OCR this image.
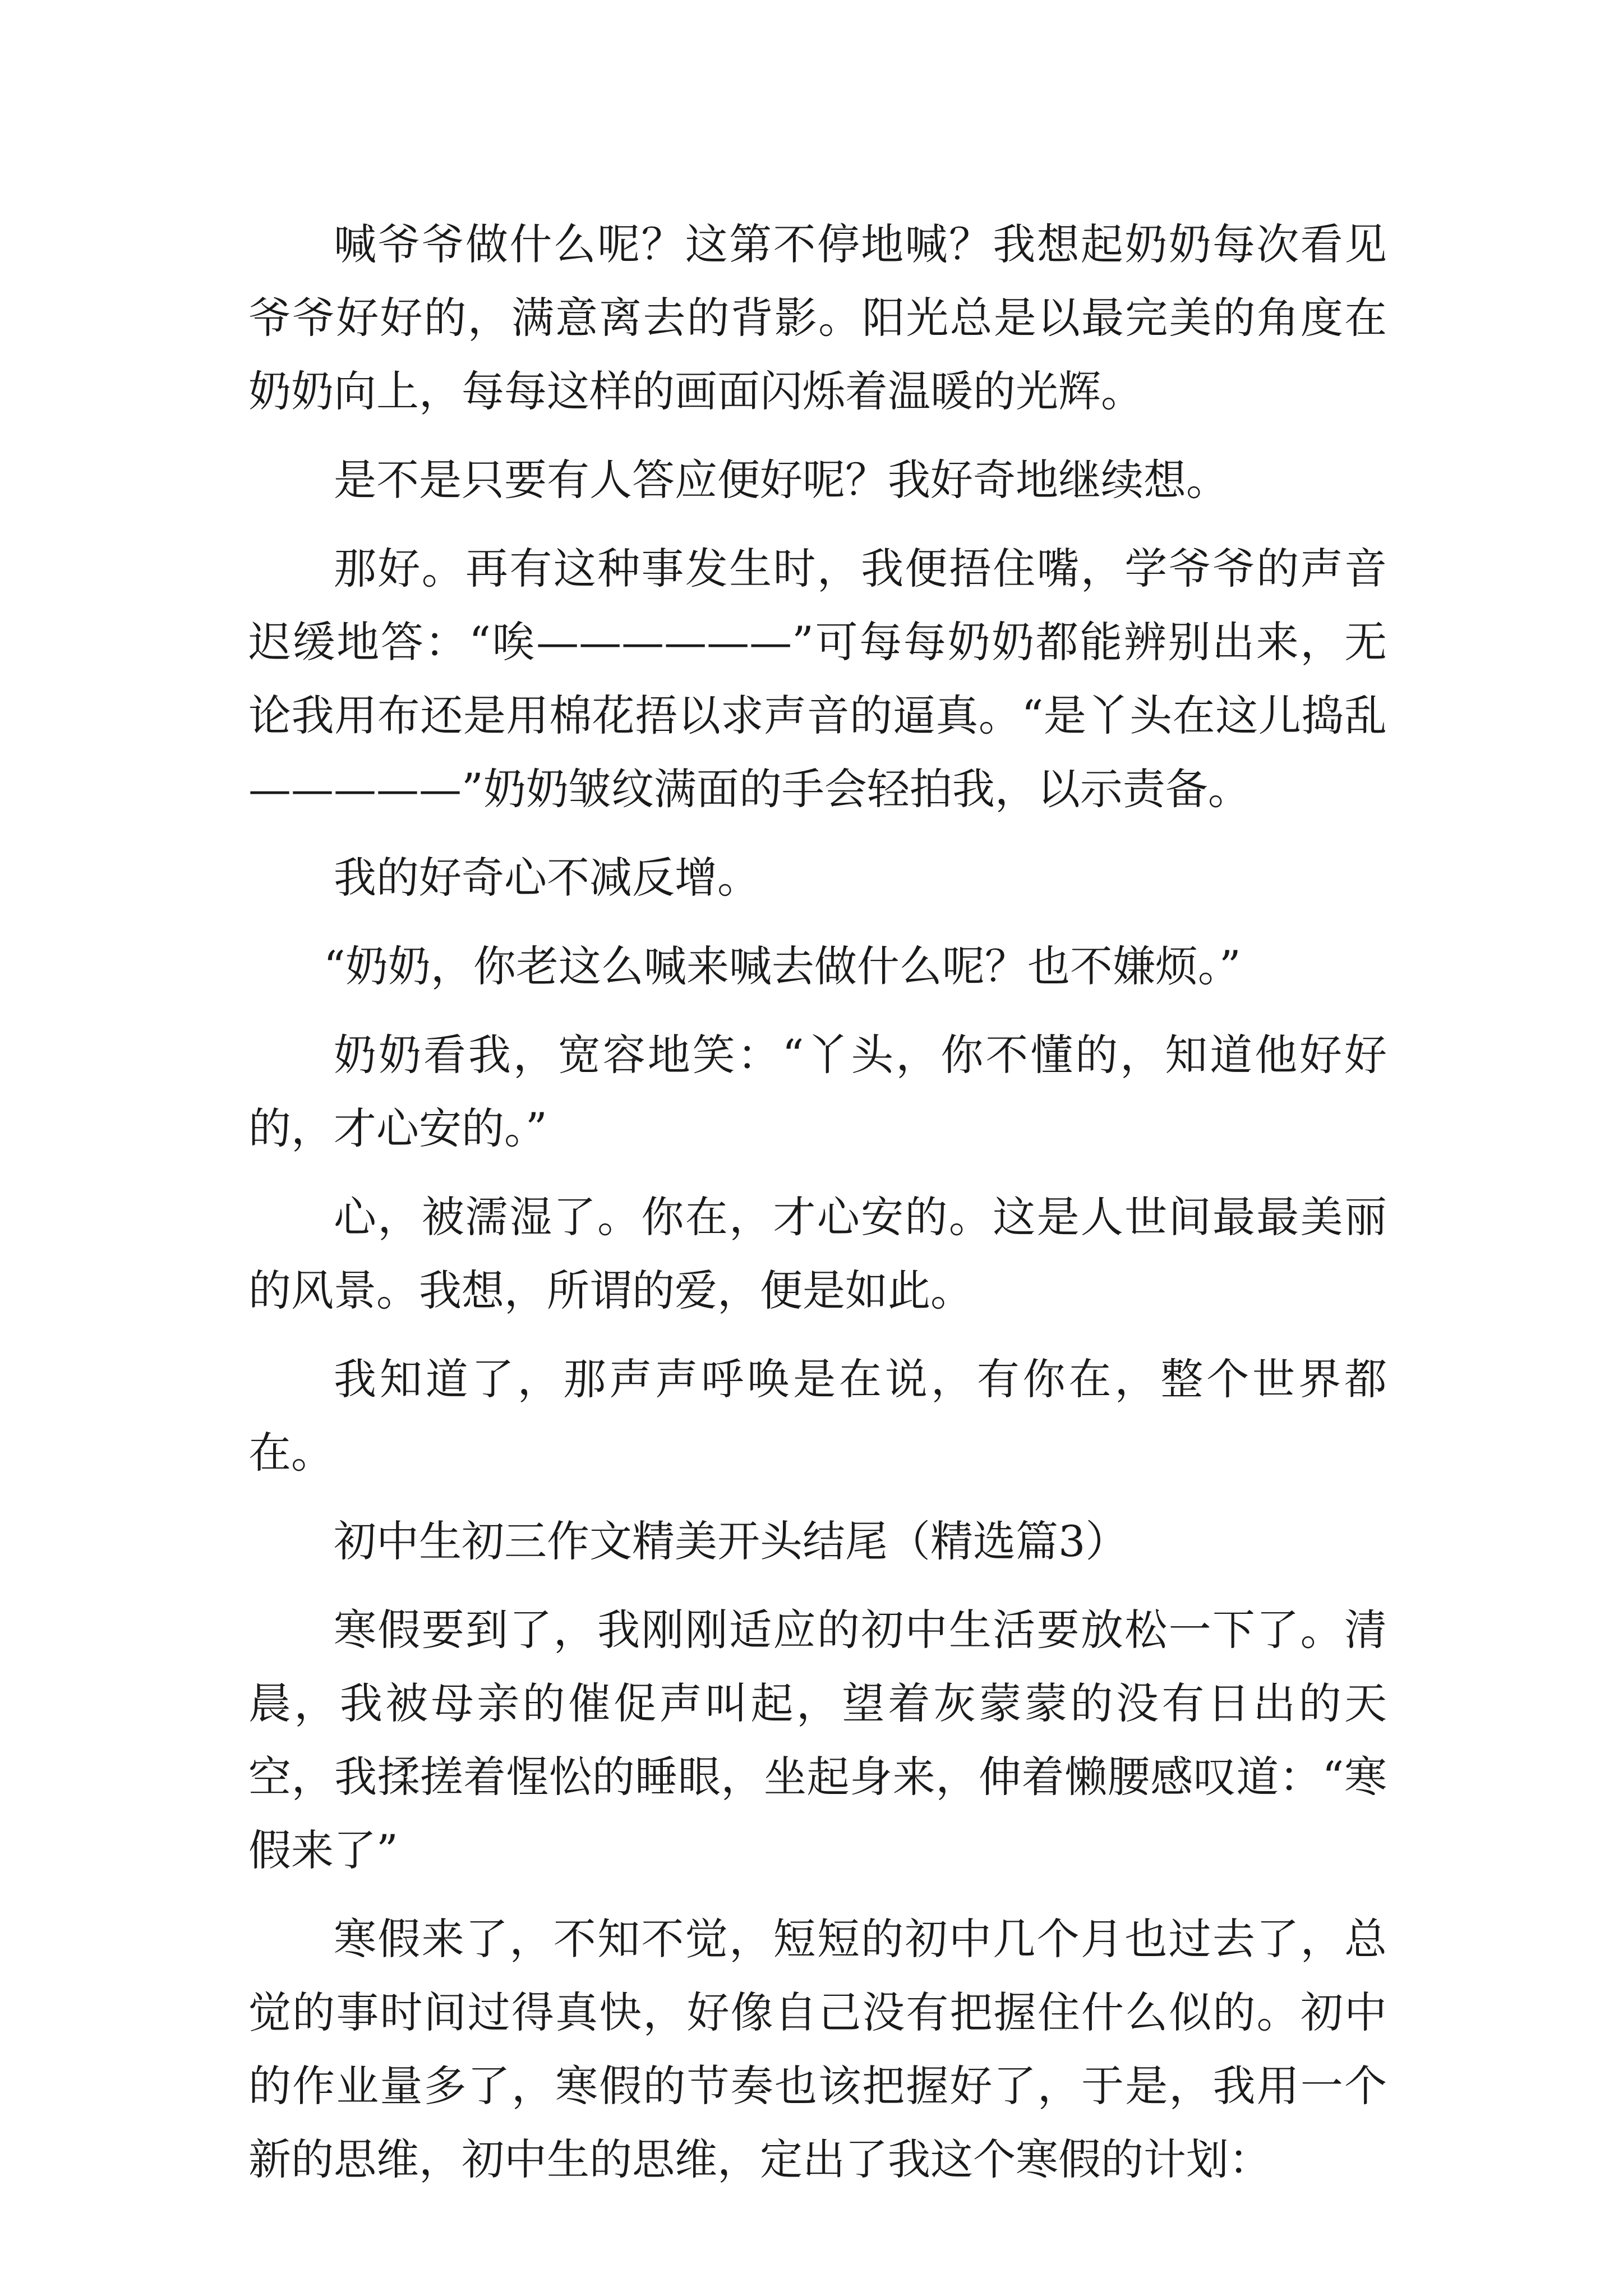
喊爷爷做什么呢？这第不停地喊？我想起奶奶每次看见爷爷好好的，满意离去的背影。阳光总是以最完美的角度在奶奶向上，每每这样的画面闪烁着温暖的光辉。

是不是只要有人答应便好呢？我好奇地继续想。

那好。再有这种事发生时，我便捂住嘴，学爷爷的声音迟缓地答：“唉——————”可每每奶奶都能辨别出来，无论我用布还是用棉花捂以求声音的逼真。“是丫头在这儿捣乱—————”奶奶皱纹满面的手会轻拍我，以示责备。

我的好奇心不减反增。

“奶奶，你老这么喊来喊去做什么呢？也不嫌烦。”

奶奶看我，宽容地笑：“丫头，你不懂的，知道他好好的，才心安的。”

心，被濡湿了。你在，才心安的。这是人世间最最美丽的风景。我想，所谓的爱，便是如此。

我知道了，那声声呼唤是在说，有你在，整个世界都在。

初中生初三作文精美开头结尾（精选篇3）

寒假要到了，我刚刚适应的初中生活要放松一下了。清晨，我被母亲的催促声叫起，望着灰蒙蒙的没有日出的天空，我揉搓着惺忪的睡眼，坐起身来，伸着懒腰感叹道：“寒假来了”

寒假来了，不知不觉，短短的初中几个月也过去了，总觉的事时间过得真快，好像自己没有把握住什么似的。初中的作业量多了，寒假的节奏也该把握好了，于是，我用一个新的思维，初中生的思维，定出了我这个寒假的计划：
